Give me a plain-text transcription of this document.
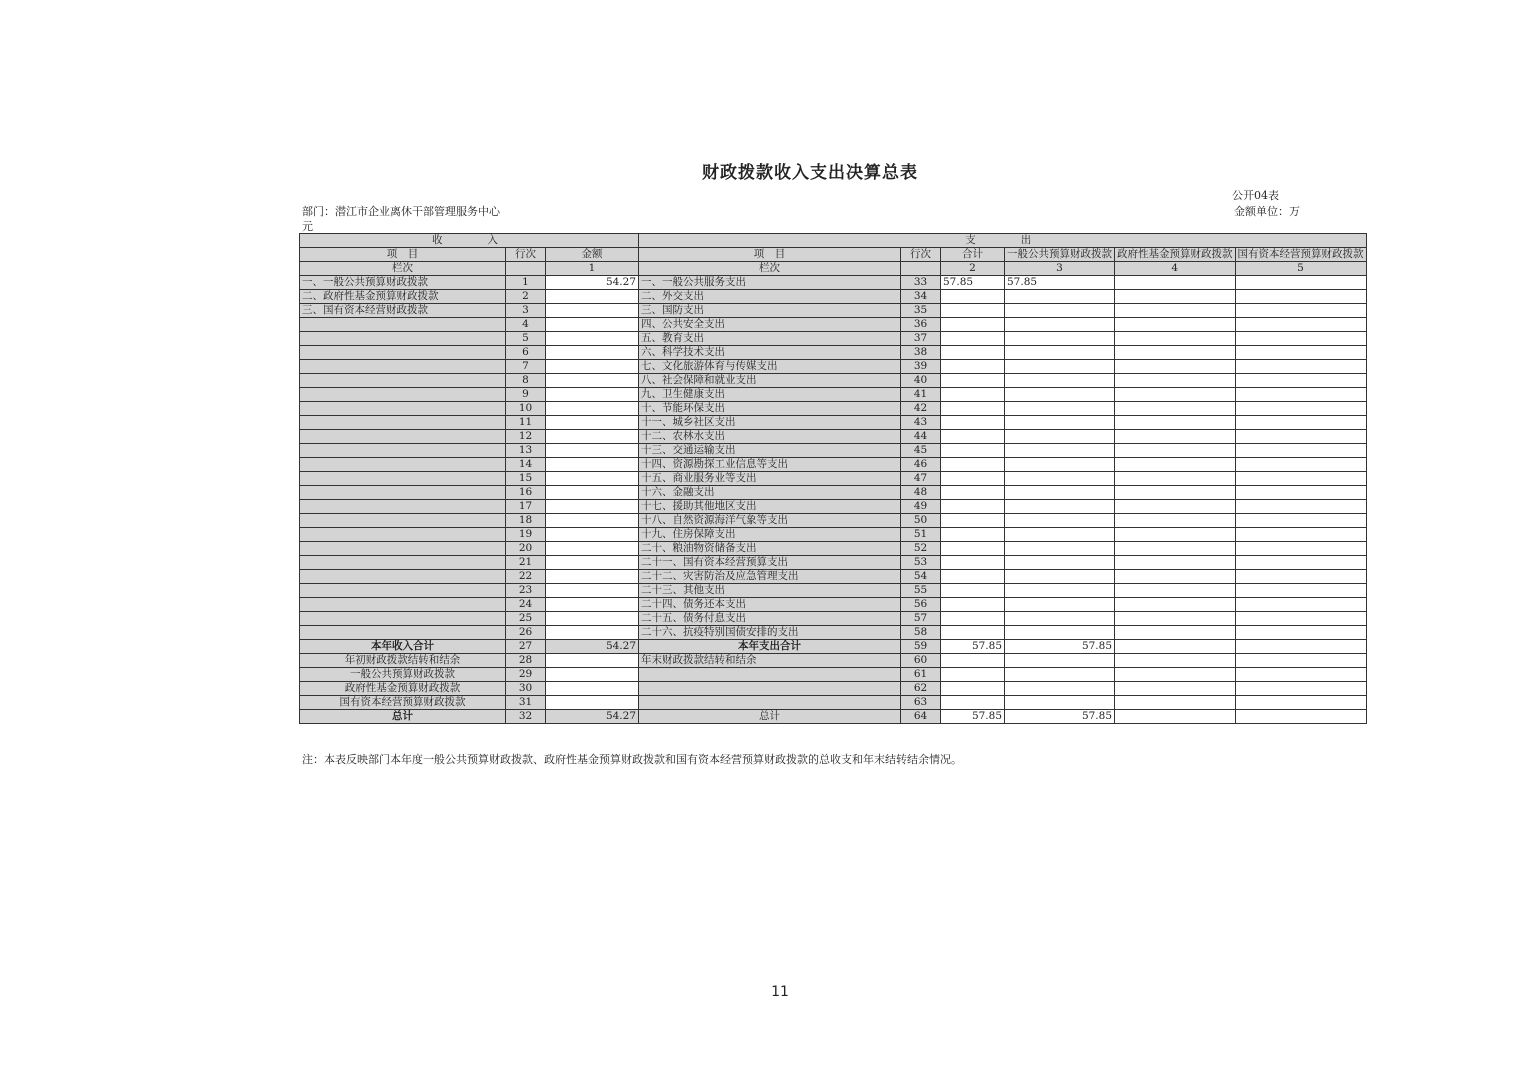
财政拨款收入支出决算总表
公开04表
部门：潜江市企业离休干部管理服务中心	金额单位：万
元
收　　入			支　　出					
项　目	行次	金额	项　目	行次	合计	一般公共预算财政拨款	政府性基金预算财政拨款	国有资本经营预算财政拨款
栏次		1	栏次		2	3	4	5
一、一般公共预算财政拨款	1	54.27	一、一般公共服务支出	33	57.85	57.85		
二、政府性基金预算财政拨款	2		二、外交支出	34				
三、国有资本经营财政拨款	3		三、国防支出	35				
	4		四、公共安全支出	36				
	5		五、教育支出	37				
	6		六、科学技术支出	38				
	7		七、文化旅游体育与传媒支出	39				
	8		八、社会保障和就业支出	40				
	9		九、卫生健康支出	41				
	10		十、节能环保支出	42				
	11		十一、城乡社区支出	43				
	12		十二、农林水支出	44				
	13		十三、交通运输支出	45				
	14		十四、资源勘探工业信息等支出	46				
	15		十五、商业服务业等支出	47				
	16		十六、金融支出	48				
	17		十七、援助其他地区支出	49				
	18		十八、自然资源海洋气象等支出	50				
	19		十九、住房保障支出	51				
	20		二十、粮油物资储备支出	52				
	21		二十一、国有资本经营预算支出	53				
	22		二十二、灾害防治及应急管理支出	54				
	23		二十三、其他支出	55				
	24		二十四、债务还本支出	56				
	25		二十五、债务付息支出	57				
	26		二十六、抗疫特别国债安排的支出	58				
本年收入合计	27	54.27	本年支出合计	59	57.85	57.85		
年初财政拨款结转和结余	28		年末财政拨款结转和结余	60				
一般公共预算财政拨款	29			61				
政府性基金预算财政拨款	30			62				
国有资本经营预算财政拨款	31			63				
总计	32	54.27	总计	64	57.85	57.85		
注：本表反映部门本年度一般公共预算财政拨款、政府性基金预算财政拨款和国有资本经营预算财政拨款的总收支和年末结转结余情况。
11
